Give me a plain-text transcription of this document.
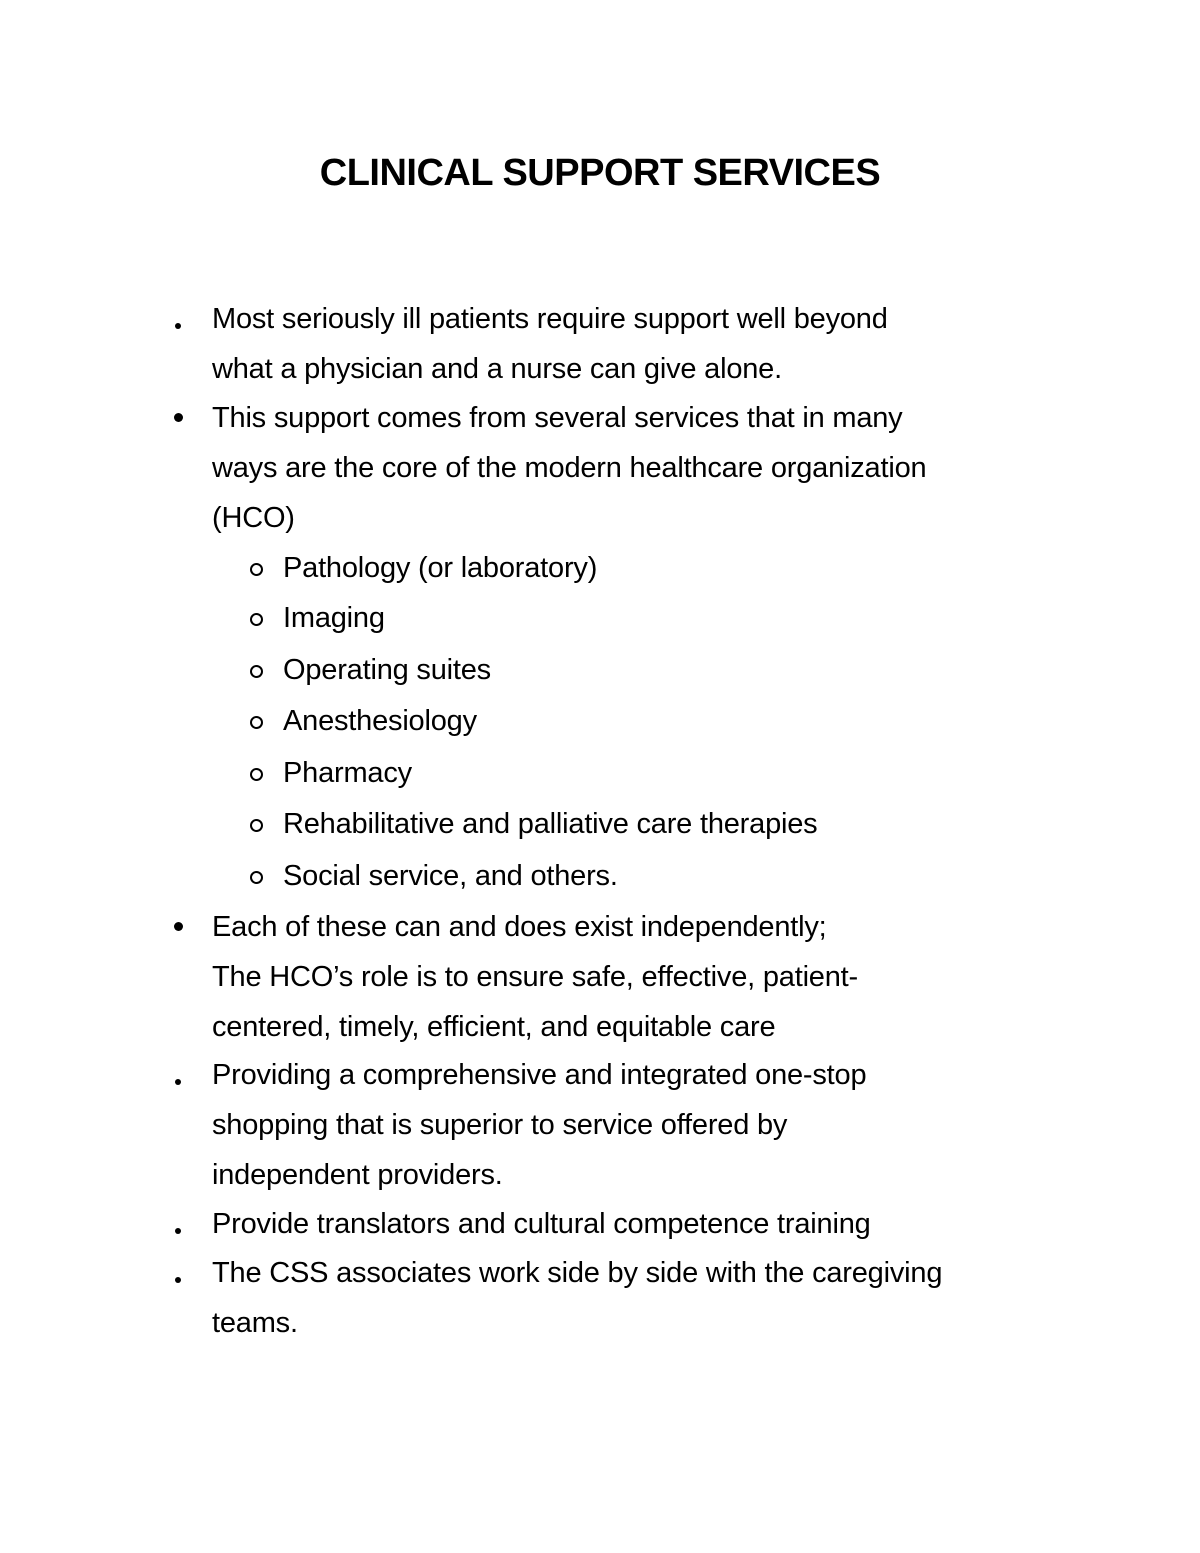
CLINICAL SUPPORT SERVICES
Most seriously ill patients require support well beyond
what a physician and a nurse can give alone.
This support comes from several services that in many
ways are the core of the modern healthcare organization
(HCO)
Pathology (or laboratory)
Imaging
Operating suites
Anesthesiology
Pharmacy
Rehabilitative and palliative care therapies
Social service, and others.
Each of these can and does exist independently;
The HCO’s role is to ensure safe, effective, patient-
centered, timely, efficient, and equitable care
Providing a comprehensive and integrated one-stop
shopping that is superior to service offered by
independent providers.
Provide translators and cultural competence training
The CSS associates work side by side with the caregiving
teams.
